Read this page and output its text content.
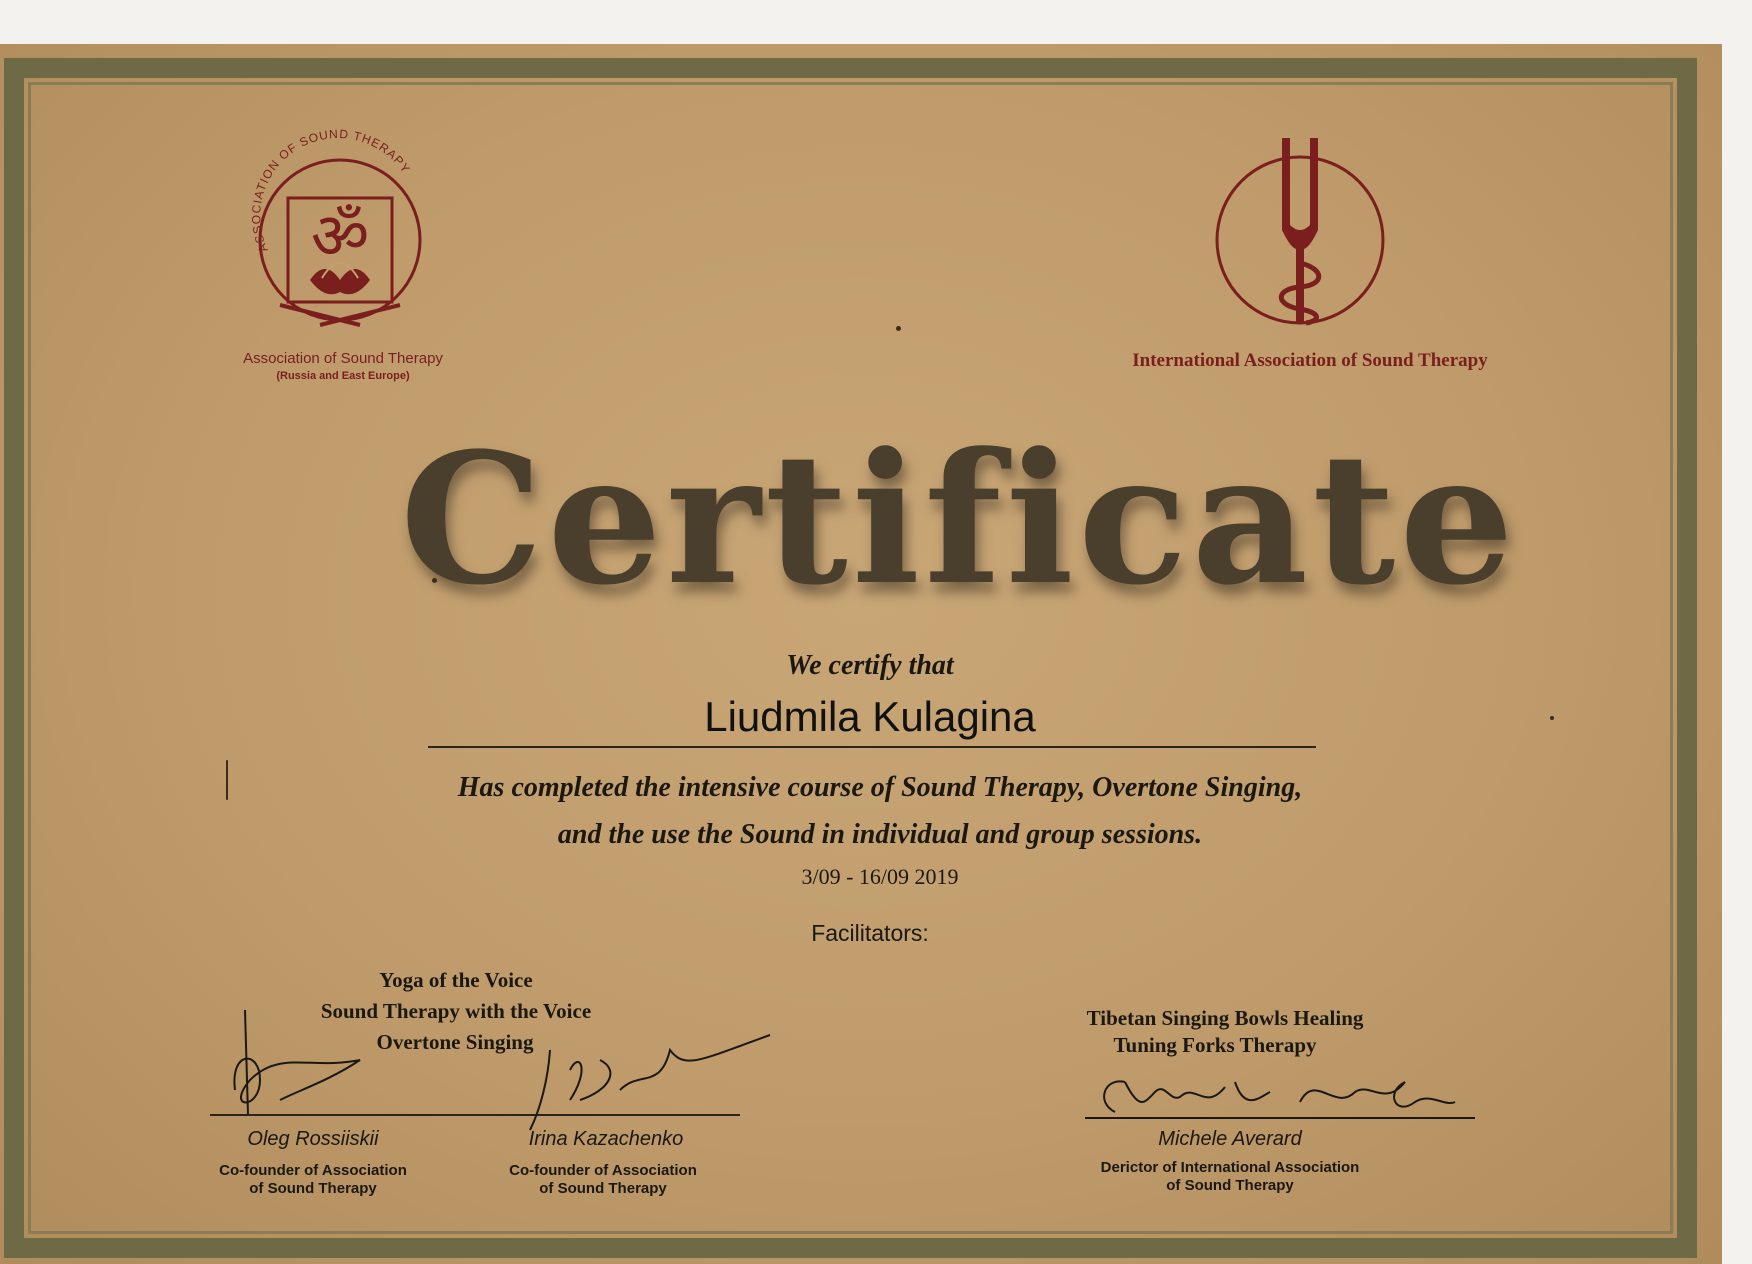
ASSOCIATION OF SOUND THERAPY
ॐ
Association of Sound Therapy
(Russia and East Europe)
International Association of Sound Therapy
Certificate
We certify that
Liudmila Kulagina
Has completed the intensive course of Sound Therapy, Overtone Singing,
and the use the Sound in individual and group sessions.
3/09 - 16/09 2019
Facilitators:
Yoga of the Voice
Sound Therapy with the Voice
Overtone Singing
Tibetan Singing Bowls Healing
Tuning Forks Therapy
Oleg Rossiiskii
Co-founder of Association
of Sound Therapy
Irina Kazachenko
Co-founder of Association
of Sound Therapy
Michele Averard
Derictor of International Association
of Sound Therapy
